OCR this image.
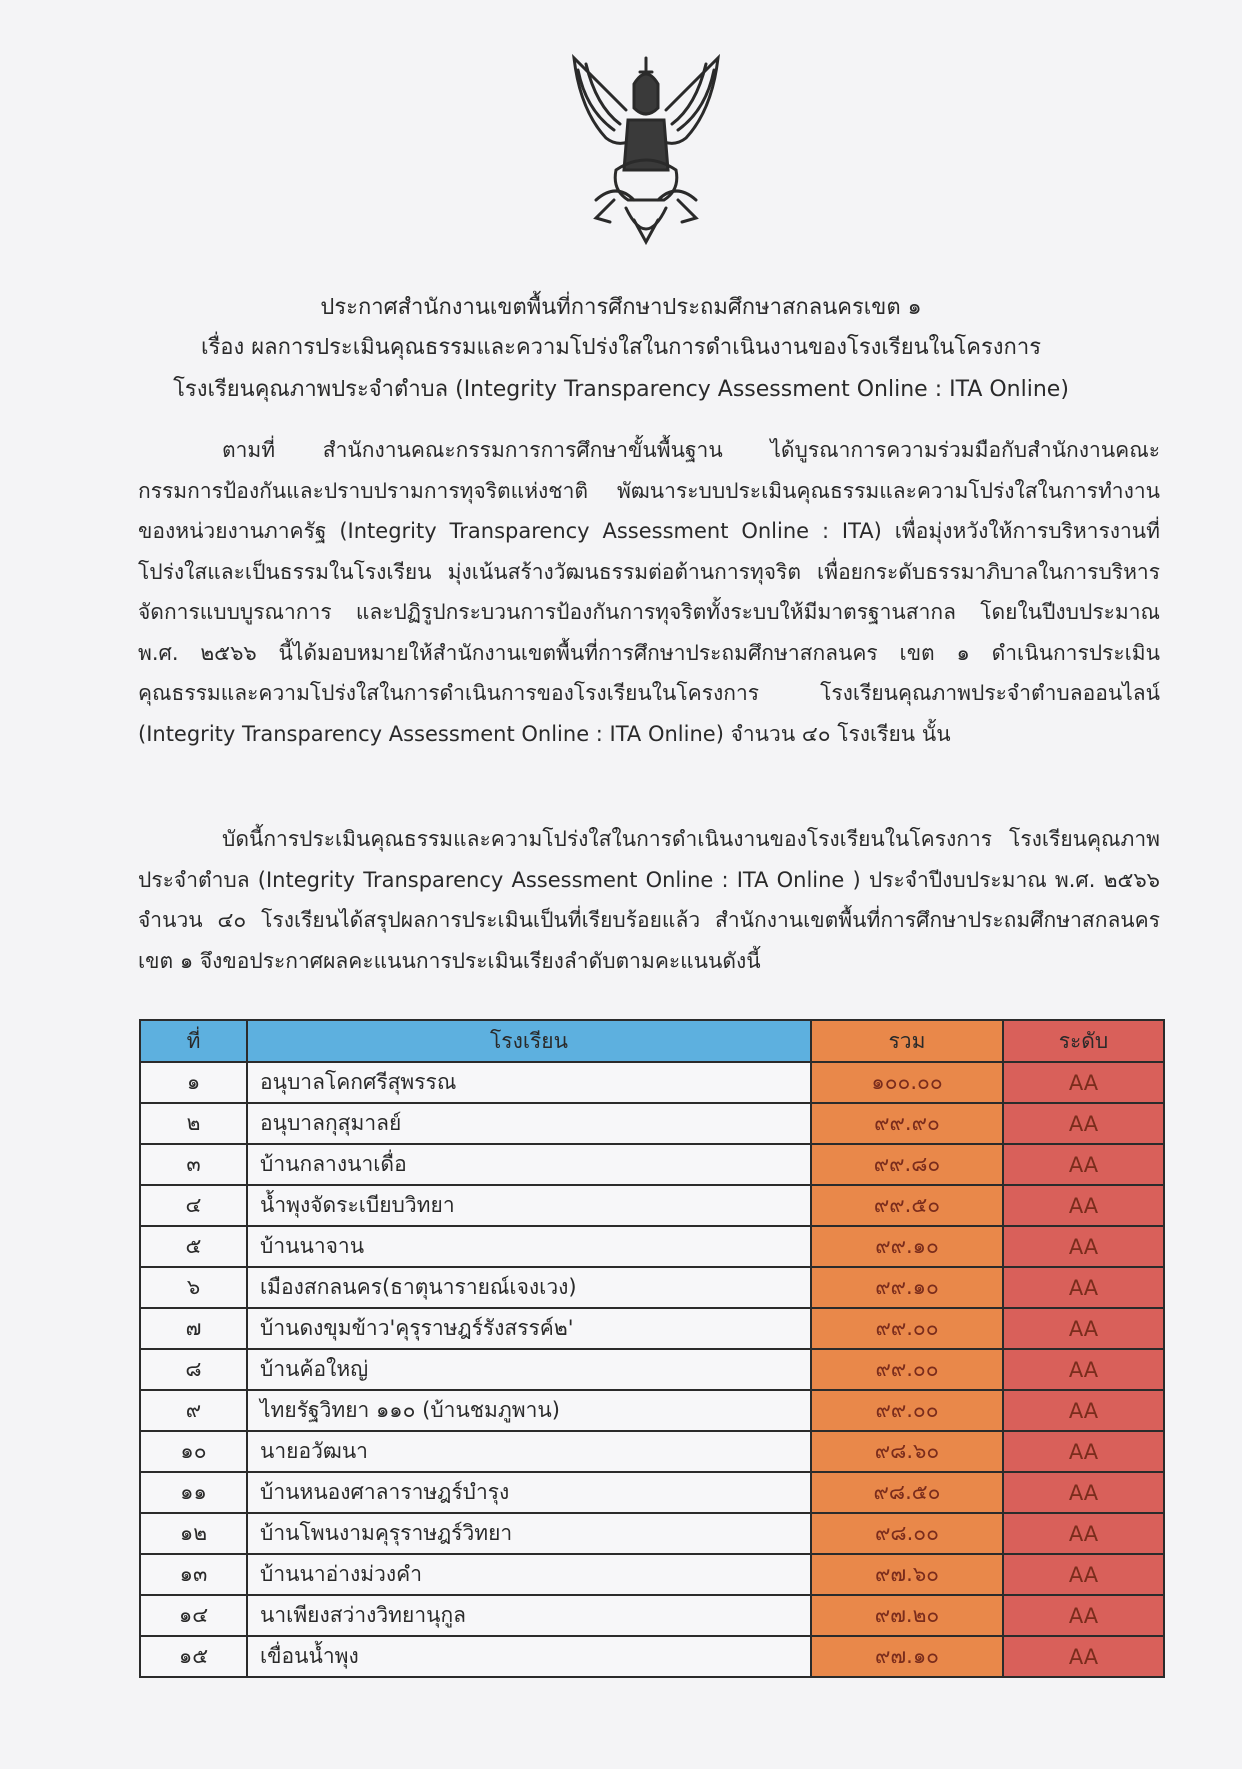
ประกาศสำนักงานเขตพื้นที่การศึกษาประถมศึกษาสกลนครเขต ๑
เรื่อง ผลการประเมินคุณธรรมและความโปร่งใสในการดำเนินงานของโรงเรียนในโครงการ
โรงเรียนคุณภาพประจำตำบล (Integrity Transparency Assessment Online : ITA Online)
ตามที่ สำนักงานคณะกรรมการการศึกษาขั้นพื้นฐาน ได้บูรณาการความร่วมมือกับสำนักงานคณะกรรมการป้องกันและปราบปรามการทุจริตแห่งชาติ พัฒนาระบบประเมินคุณธรรมและความโปร่งใสในการทำงานของหน่วยงานภาครัฐ (Integrity Transparency Assessment Online : ITA) เพื่อมุ่งหวังให้การบริหารงานที่โปร่งใสและเป็นธรรมในโรงเรียน มุ่งเน้นสร้างวัฒนธรรมต่อต้านการทุจริต เพื่อยกระดับธรรมาภิบาลในการบริหารจัดการแบบบูรณาการ และปฏิรูปกระบวนการป้องกันการทุจริตทั้งระบบให้มีมาตรฐานสากล โดยในปีงบประมาณ พ.ศ. ๒๕๖๖ นี้ได้มอบหมายให้สำนักงานเขตพื้นที่การศึกษาประถมศึกษาสกลนคร เขต ๑ ดำเนินการประเมินคุณธรรมและความโปร่งใสในการดำเนินการของโรงเรียนในโครงการ โรงเรียนคุณภาพประจำตำบลออนไลน์ (Integrity Transparency Assessment Online : ITA Online) จำนวน ๔๐ โรงเรียน นั้น
บัดนี้การประเมินคุณธรรมและความโปร่งใสในการดำเนินงานของโรงเรียนในโครงการ โรงเรียนคุณภาพประจำตำบล (Integrity Transparency Assessment Online : ITA Online ) ประจำปีงบประมาณ พ.ศ. ๒๕๖๖ จำนวน ๔๐ โรงเรียนได้สรุปผลการประเมินเป็นที่เรียบร้อยแล้ว สำนักงานเขตพื้นที่การศึกษาประถมศึกษาสกลนคร เขต ๑ จึงขอประกาศผลคะแนนการประเมินเรียงลำดับตามคะแนนดังนี้
ที่	โรงเรียน	รวม	ระดับ
๑	อนุบาลโคกศรีสุพรรณ	๑๐๐.๐๐	AA
๒	อนุบาลกุสุมาลย์	๙๙.๙๐	AA
๓	บ้านกลางนาเดื่อ	๙๙.๘๐	AA
๔	น้ำพุงจัดระเบียบวิทยา	๙๙.๕๐	AA
๕	บ้านนาจาน	๙๙.๑๐	AA
๖	เมืองสกลนคร(ธาตุนารายณ์เจงเวง)	๙๙.๑๐	AA
๗	บ้านดงขุมข้าว'คุรุราษฎร์รังสรรค์๒'	๙๙.๐๐	AA
๘	บ้านค้อใหญ่	๙๙.๐๐	AA
๙	ไทยรัฐวิทยา ๑๑๐ (บ้านชมภูพาน)	๙๙.๐๐	AA
๑๐	นายอวัฒนา	๙๘.๖๐	AA
๑๑	บ้านหนองศาลาราษฎร์บำรุง	๙๘.๕๐	AA
๑๒	บ้านโพนงามคุรุราษฎร์วิทยา	๙๘.๐๐	AA
๑๓	บ้านนาอ่างม่วงคำ	๙๗.๖๐	AA
๑๔	นาเพียงสว่างวิทยานุกูล	๙๗.๒๐	AA
๑๕	เขื่อนน้ำพุง	๙๗.๑๐	AA
